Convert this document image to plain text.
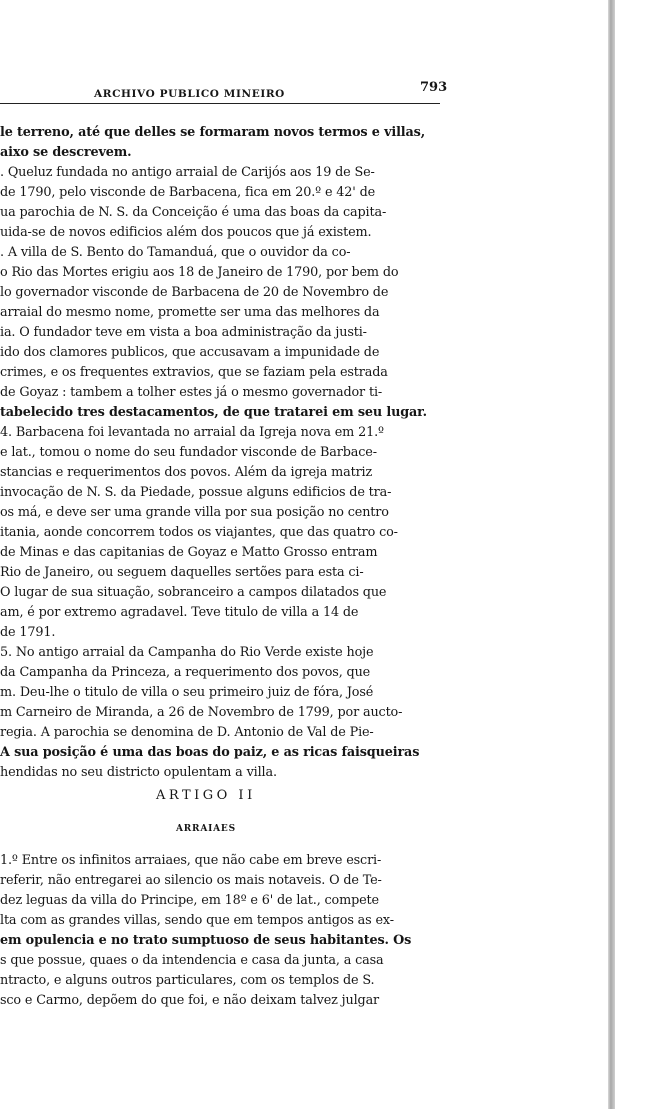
ARCHIVO PUBLICO MINEIRO	793
le terreno, até que delles se formaram novos termos e villas,
aixo se descrevem.
. Queluz fundada no antigo arraial de Carijós aos 19 de Se-
de 1790, pelo visconde de Barbacena, fica em 20.º e 42' de
ua parochia de N. S. da Conceição é uma das boas da capita-
uida-se de novos edificios além dos poucos que já existem.
. A villa de S. Bento do Tamanduá, que o ouvidor da co-
o Rio das Mortes erigiu aos 18 de Janeiro de 1790, por bem do
lo governador visconde de Barbacena de 20 de Novembro de
arraial do mesmo nome, promette ser uma das melhores da
ia. O fundador teve em vista a boa administração da justi-
ido dos clamores publicos, que accusavam a impunidade de
crimes, e os frequentes extravios, que se faziam pela estrada
de Goyaz : tambem a tolher estes já o mesmo governador ti-
tabelecido tres destacamentos, de que tratarei em seu lugar.
4. Barbacena foi levantada no arraial da Igreja nova em 21.º
e lat., tomou o nome do seu fundador visconde de Barbace-
stancias e requerimentos dos povos. Além da igreja matriz
invocação de N. S. da Piedade, possue alguns edificios de tra-
os má, e deve ser uma grande villa por sua posição no centro
itania, aonde concorrem todos os viajantes, que das quatro co-
de Minas e das capitanias de Goyaz e Matto Grosso entram
Rio de Janeiro, ou seguem daquelles sertões para esta ci-
O lugar de sua situação, sobranceiro a campos dilatados que
am, é por extremo agradavel. Teve titulo de villa a 14 de
de 1791.
5. No antigo arraial da Campanha do Rio Verde existe hoje
da Campanha da Princeza, a requerimento dos povos, que
m. Deu-lhe o titulo de villa o seu primeiro juiz de fóra, José
m Carneiro de Miranda, a 26 de Novembro de 1799, por aucto-
regia. A parochia se denomina de D. Antonio de Val de Pie-
A sua posição é uma das boas do paiz, e as ricas faisqueiras
hendidas no seu districto opulentam a villa.
ARTIGO II
ARRAIAES
1.º Entre os infinitos arraiaes, que não cabe em breve escri-
referir, não entregarei ao silencio os mais notaveis. O de Te-
dez leguas da villa do Principe, em 18º e 6' de lat., compete
lta com as grandes villas, sendo que em tempos antigos as ex-
em opulencia e no trato sumptuoso de seus habitantes. Os
s que possue, quaes o da intendencia e casa da junta, a casa
ntracto, e alguns outros particulares, com os templos de S.
sco e Carmo, depõem do que foi, e não deixam talvez julgar
